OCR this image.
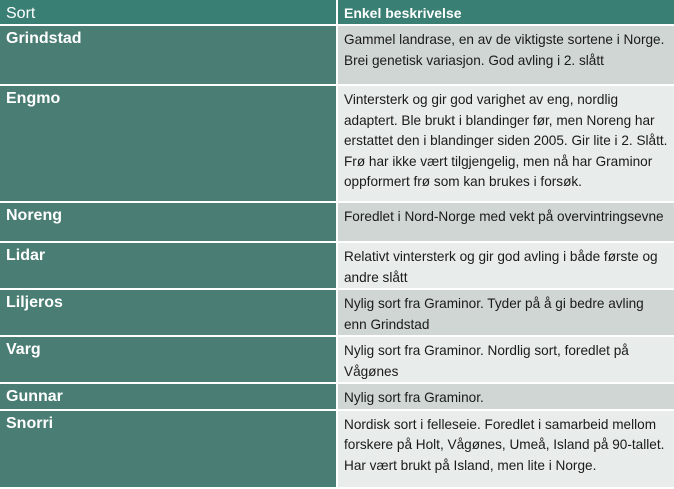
Sort	Enkel beskrivelse
Grindstad	Gammel landrase, en av de viktigste sortene i Norge. Brei genetisk variasjon. God avling i 2. slått
Engmo	Vintersterk og gir god varighet av eng, nordlig adaptert. Ble brukt i blandinger før, men Noreng har erstattet den i blandinger siden 2005. Gir lite i 2. Slått. Frø har ikke vært tilgjengelig, men nå har Graminor oppformert frø som kan brukes i forsøk.
Noreng	Foredlet i Nord-Norge med vekt på overvintringsevne
Lidar	Relativt vintersterk og gir god avling i både første og andre slått
Liljeros	Nylig sort fra Graminor. Tyder på å gi bedre avling enn Grindstad
Varg	Nylig sort fra Graminor. Nordlig sort, foredlet på Vågønes
Gunnar	Nylig sort fra Graminor.
Snorri	Nordisk sort i felleseie. Foredlet i samarbeid mellom forskere på Holt, Vågønes, Umeå, Island på 90-tallet. Har vært brukt på Island, men lite i Norge.
